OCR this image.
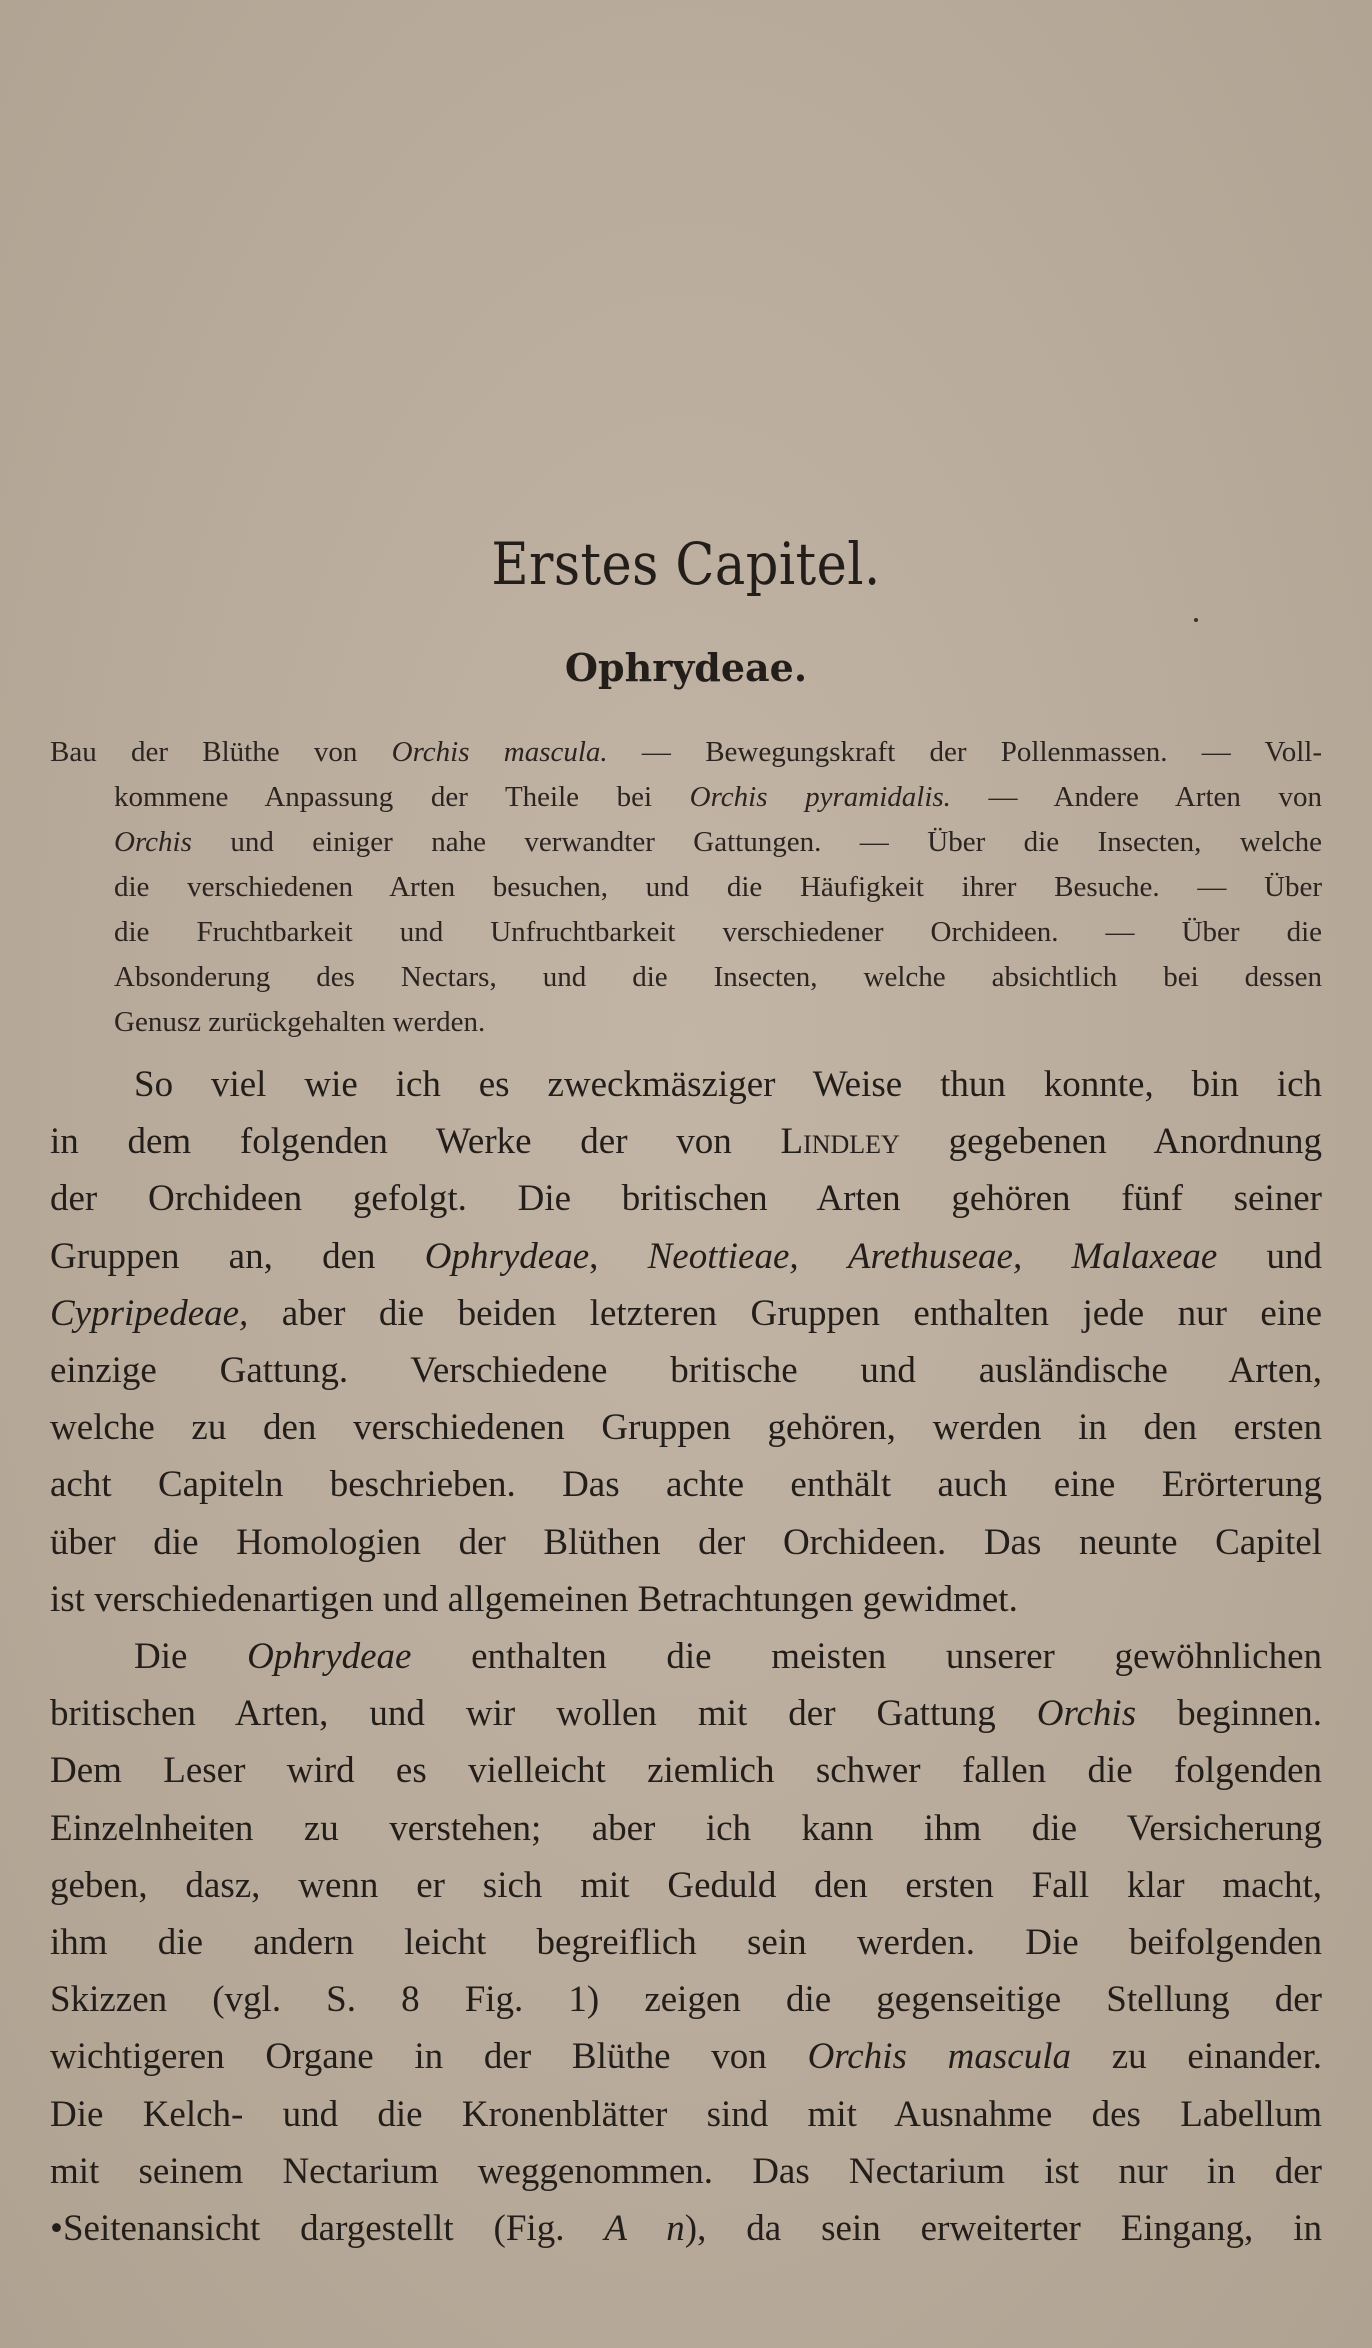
Erstes Capitel.
Ophrydeae.
Bau der Blüthe von Orchis mascula. — Bewegungskraft der Pollenmassen. — Voll-
kommene Anpassung der Theile bei Orchis pyramidalis. — Andere Arten von
Orchis und einiger nahe verwandter Gattungen. — Über die Insecten, welche
die verschiedenen Arten besuchen, und die Häufigkeit ihrer Besuche. — Über
die Fruchtbarkeit und Unfruchtbarkeit verschiedener Orchideen. — Über die
Absonderung des Nectars, und die Insecten, welche absichtlich bei dessen
Genusz zurückgehalten werden.
So viel wie ich es zweckmäsziger Weise thun konnte, bin ich
in dem folgenden Werke der von Lindley gegebenen Anordnung
der Orchideen gefolgt. Die britischen Arten gehören fünf seiner
Gruppen an, den Ophrydeae, Neottieae, Arethuseae, Malaxeae und
Cypripedeae, aber die beiden letzteren Gruppen enthalten jede nur eine
einzige Gattung. Verschiedene britische und ausländische Arten,
welche zu den verschiedenen Gruppen gehören, werden in den ersten
acht Capiteln beschrieben. Das achte enthält auch eine Erörterung
über die Homologien der Blüthen der Orchideen. Das neunte Capitel
ist verschiedenartigen und allgemeinen Betrachtungen gewidmet.
Die Ophrydeae enthalten die meisten unserer gewöhnlichen
britischen Arten, und wir wollen mit der Gattung Orchis beginnen.
Dem Leser wird es vielleicht ziemlich schwer fallen die folgenden
Einzelnheiten zu verstehen; aber ich kann ihm die Versicherung
geben, dasz, wenn er sich mit Geduld den ersten Fall klar macht,
ihm die andern leicht begreiflich sein werden. Die beifolgenden
Skizzen (vgl. S. 8 Fig. 1) zeigen die gegenseitige Stellung der
wichtigeren Organe in der Blüthe von Orchis mascula zu einander.
Die Kelch- und die Kronenblätter sind mit Ausnahme des Labellum
mit seinem Nectarium weggenommen. Das Nectarium ist nur in der
•Seitenansicht dargestellt (Fig. A n), da sein erweiterter Eingang, in
